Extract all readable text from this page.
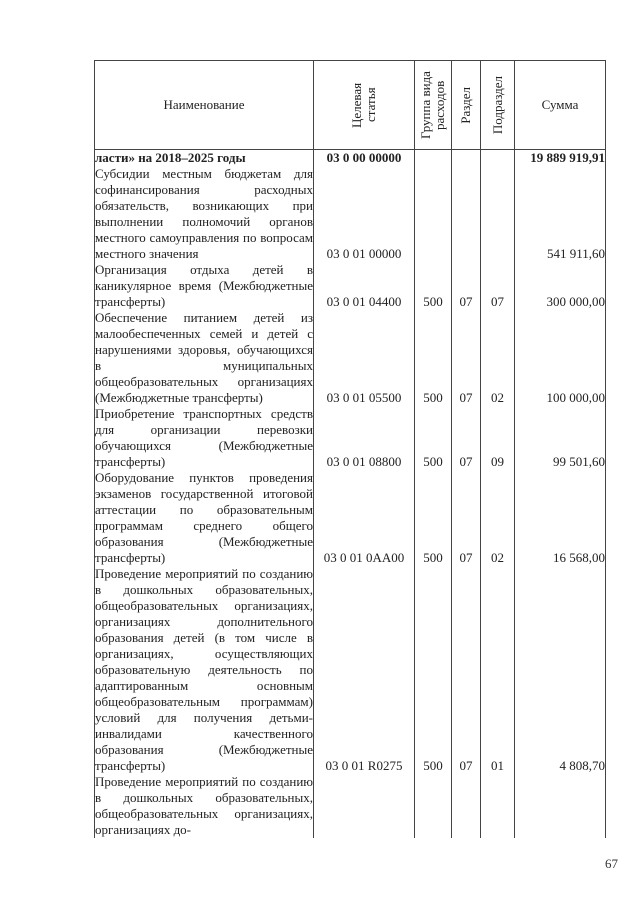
Наименование	Целевая статья	Группа вида расходов	Раздел	Подраздел	Сумма
ласти» на 2018–2025 годы	03 0 00 00000				19 889 919,91
Субсидии местным бюджетам для софинансирования расходных обязательств, возникающих при выполнении полномочий органов местного самоуправления по вопросам местного значения	03 0 01 00000				541 911,60
Организация отдыха детей в каникулярное время (Межбюджетные трансферты)	03 0 01 04400	500	07	07	300 000,00
Обеспечение питанием детей из малообеспеченных семей и детей с нарушениями здоровья, обучающихся в муниципальных общеобразовательных организациях (Межбюджетные трансферты)	03 0 01 05500	500	07	02	100 000,00
Приобретение транспортных средств для организации перевозки обучающихся (Межбюджетные трансферты)	03 0 01 08800	500	07	09	99 501,60
Оборудование пунктов проведения экзаменов государственной итоговой аттестации по образовательным программам среднего общего образования (Межбюджетные трансферты)	03 0 01 0AA00	500	07	02	16 568,00
Проведение мероприятий по созданию в дошкольных образовательных, общеобразовательных организациях, организациях дополнительного образования детей (в том числе в организациях, осуществляющих образовательную деятельность по адаптированным основным общеобразовательным программам) условий для получения детьми-инвалидами качественного образования (Межбюджетные трансферты)	03 0 01 R0275	500	07	01	4 808,70
Проведение мероприятий по созданию в дошкольных образовательных, общеобразовательных организациях, организациях до-					
67
